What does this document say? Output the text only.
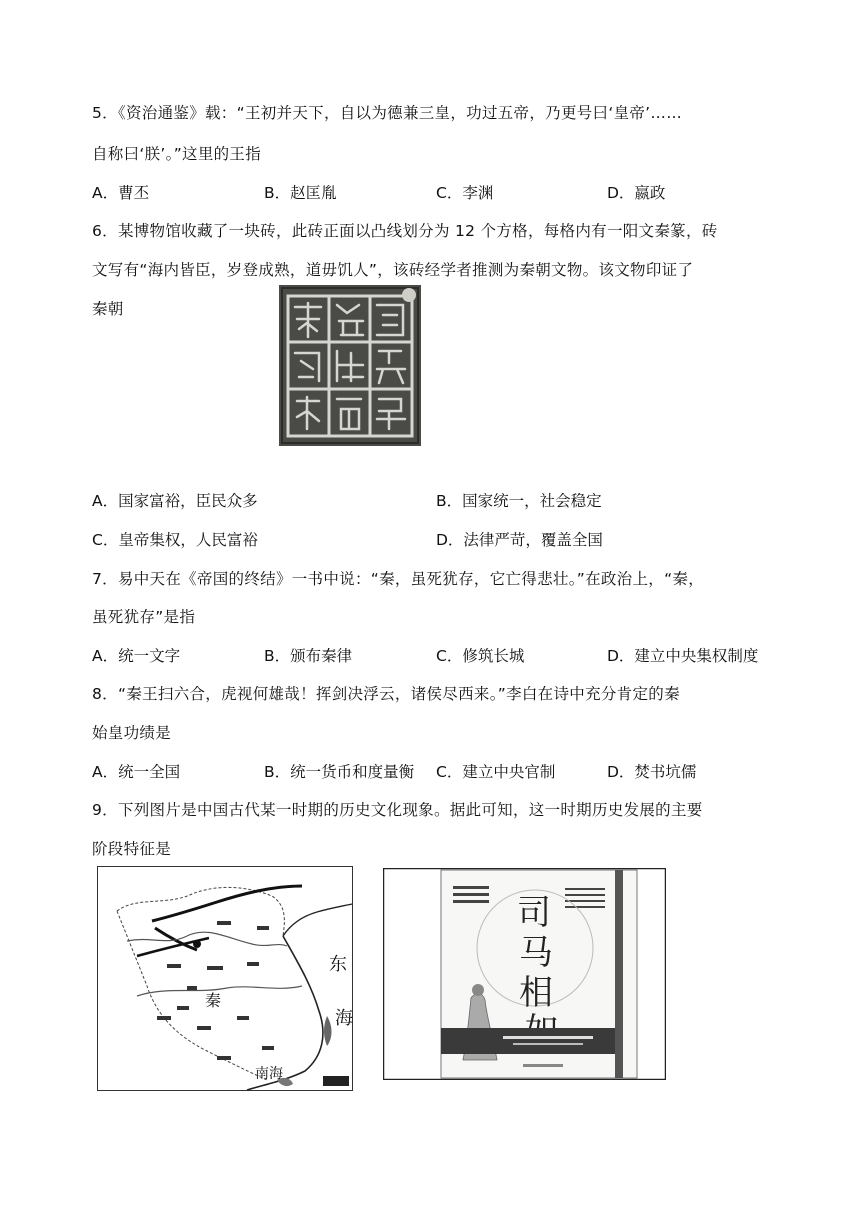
5．《资治通鉴》载：“王初并天下，自以为德兼三皇，功过五帝，乃更号曰‘皇帝’……
自称曰‘朕’。”这里的王指
A．曹丕	B．赵匡胤	C．李渊	D．嬴政
6．某博物馆收藏了一块砖，此砖正面以凸线划分为 12 个方格，每格内有一阳文秦篆，砖
文写有“海内皆臣，岁登成熟，道毋饥人”，该砖经学者推测为秦朝文物。该文物印证了
秦朝
A．国家富裕，臣民众多	B．国家统一，社会稳定
C．皇帝集权，人民富裕	D．法律严苛，覆盖全国
7．易中天在《帝国的终结》一书中说：“秦，虽死犹存，它亡得悲壮。”在政治上，“秦，
虽死犹存”是指
A．统一文字	B．颁布秦律	C．修筑长城	D．建立中央集权制度
8．“秦王扫六合，虎视何雄哉！挥剑决浮云，诸侯尽西来。”李白在诗中充分肯定的秦
始皇功绩是
A．统一全国	B．统一货币和度量衡 C．建立中央官制	D．焚书坑儒
9．下列图片是中国古代某一时期的历史文化现象。据此可知，这一时期历史发展的主要
阶段特征是
东
海
秦
南海
司
马
相
